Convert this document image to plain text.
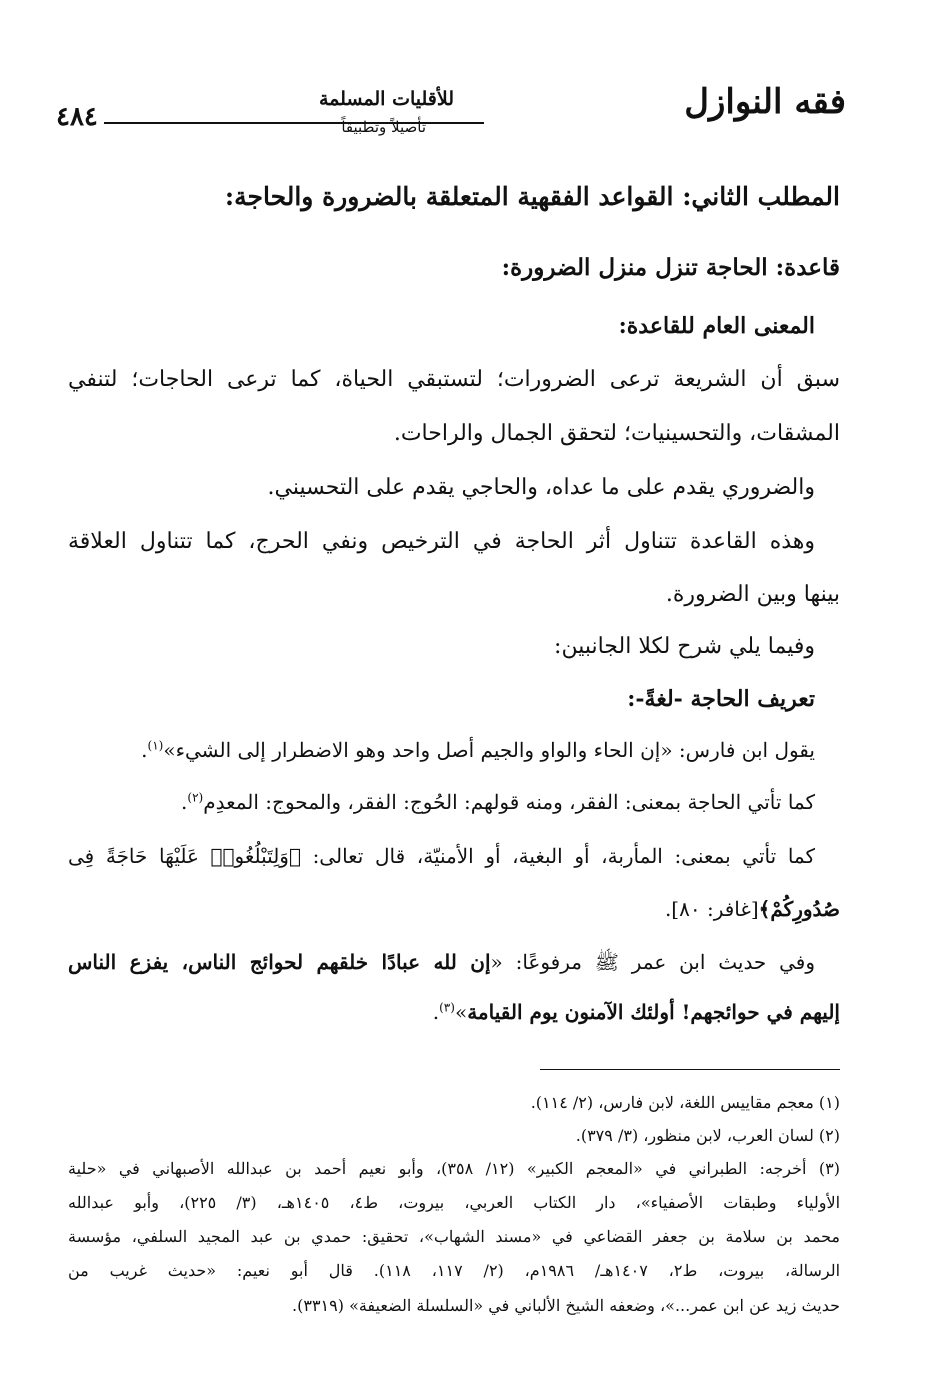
فقه النوازل
للأقليات المسلمة
تأصيلاً وتطبيقاً
٤٨٤
المطلب الثاني: القواعد الفقهية المتعلقة بالضرورة والحاجة:
قاعدة: الحاجة تنزل منزل الضرورة:
المعنى العام للقاعدة:
سبق أن الشريعة ترعى الضرورات؛ لتستبقي الحياة، كما ترعى الحاجات؛ لتنفي
المشقات، والتحسينيات؛ لتحقق الجمال والراحات.
والضروري يقدم على ما عداه، والحاجي يقدم على التحسيني.
وهذه القاعدة تتناول أثر الحاجة في الترخيص ونفي الحرج، كما تتناول العلاقة
بينها وبين الضرورة.
وفيما يلي شرح لكلا الجانبين:
تعريف الحاجة -لغةً-:
يقول ابن فارس: «إن الحاء والواو والجيم أصل واحد وهو الاضطرار إلى الشيء»$^{(١)}$.
كما تأتي الحاجة بمعنى: الفقر، ومنه قولهم: الحُوج: الفقر، والمحوج: المعدِم$^{(٢)}$.
كما تأتي بمعنى: المأربة، أو البغية، أو الأمنيّة، قال تعالى: ﴿وَلِتَبْلُغُوا۟ عَلَيْهَا حَاجَةً فِى
صُدُورِكُمْ﴾[غافر: ٨٠].
وفي حديث ابن عمر ﷺ مرفوعًا: «إن لله عبادًا خلقهم لحوائج الناس، يفزع الناس
إليهم في حوائجهم! أولئك الآمنون يوم القيامة»$^{(٣)}$.
(١) معجم مقاييس اللغة، لابن فارس، (٢/ ١١٤).
(٢) لسان العرب، لابن منظور، (٣/ ٣٧٩).
(٣) أخرجه: الطبراني في «المعجم الكبير» (١٢/ ٣٥٨)، وأبو نعيم أحمد بن عبدالله الأصبهاني في «حلية
الأولياء وطبقات الأصفياء»، دار الكتاب العربي، بيروت، ط٤، ١٤٠٥هـ، (٣/ ٢٢٥)، وأبو عبدالله
محمد بن سلامة بن جعفر القضاعي في «مسند الشهاب»، تحقيق: حمدي بن عبد المجيد السلفي، مؤسسة
الرسالة، بيروت، ط٢، ١٤٠٧هـ/ ١٩٨٦م، (٢/ ١١٧، ١١٨). قال أبو نعيم: «حديث غريب من
حديث زيد عن ابن عمر...»، وضعفه الشيخ الألباني في «السلسلة الضعيفة» (٣٣١٩).
